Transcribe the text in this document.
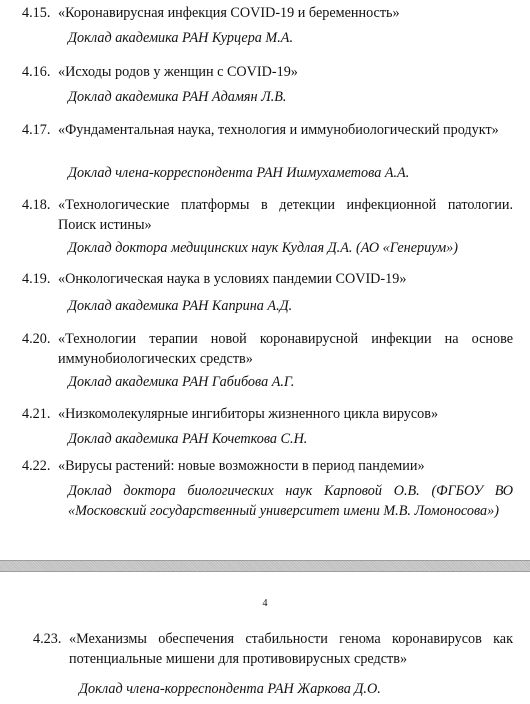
4.15. «Коронавирусная инфекция COVID-19 и беременность»
Доклад академика РАН Курцера М.А.
4.16. «Исходы родов у женщин с COVID-19»
Доклад академика РАН Адамян Л.В.
4.17. «Фундаментальная наука, технология и иммунобиологический продукт»
Доклад члена-корреспондента РАН Ишмухаметова А.А.
4.18. «Технологические платформы в детекции инфекционной патологии. Поиск истины»
Доклад доктора медицинских наук Кудлая Д.А. (АО «Генериум»)
4.19. «Онкологическая наука в условиях пандемии COVID-19»
Доклад академика РАН Каприна А.Д.
4.20. «Технологии терапии новой коронавирусной инфекции на основе иммунобиологических средств»
Доклад академика РАН Габибова А.Г.
4.21. «Низкомолекулярные ингибиторы жизненного цикла вирусов»
Доклад академика РАН Кочеткова С.Н.
4.22. «Вирусы растений: новые возможности в период пандемии»
Доклад доктора биологических наук Карповой О.В. (ФГБОУ ВО «Московский государственный университет имени М.В. Ломоносова»)
4
4.23. «Механизмы обеспечения стабильности генома коронавирусов как потенциальные мишени для противовирусных средств»
Доклад члена-корреспондента РАН Жаркова Д.О.
